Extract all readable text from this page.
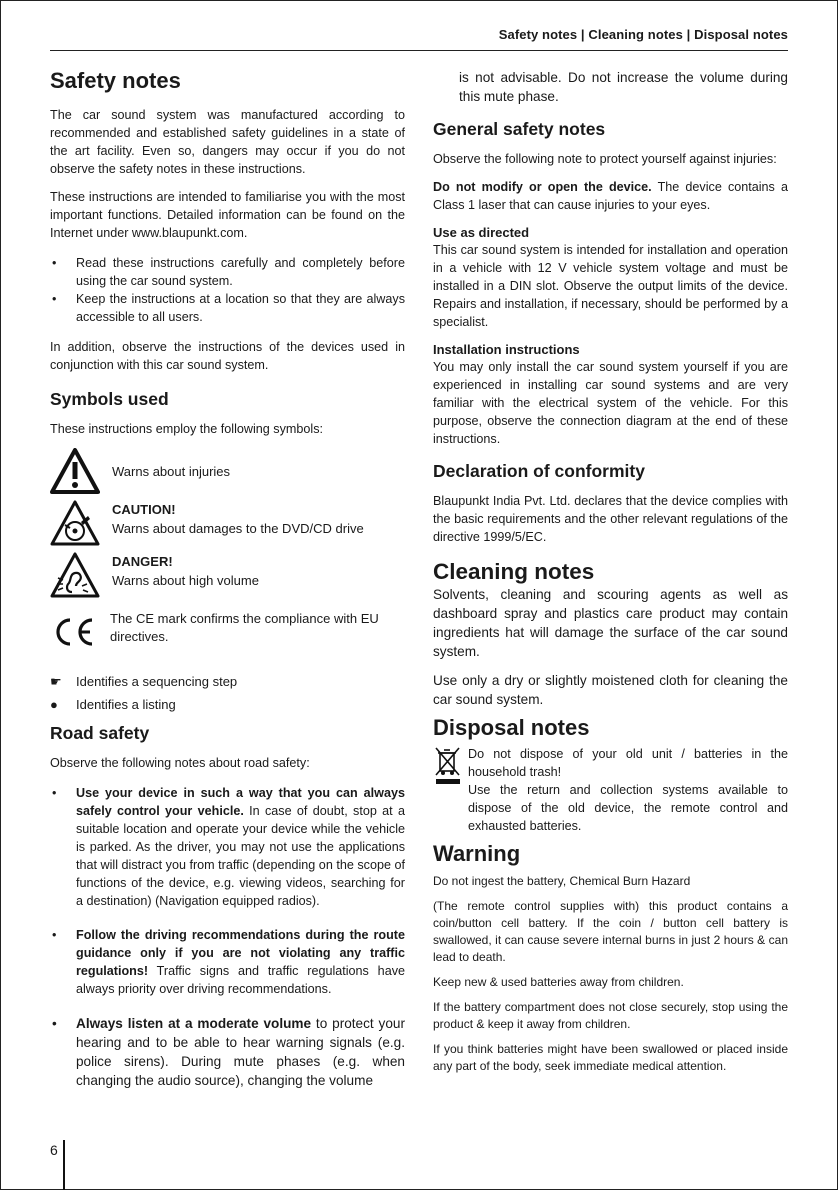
Safety notes | Cleaning notes | Disposal notes
Safety notes

The car sound system was manufactured according to recommended and established safety guidelines in a state of the art facility. Even so, dangers may occur if you do not observe the safety notes in these instructions.

These instructions are intended to familiarise you with the most important functions. Detailed information can be found on the Internet under www.blaupunkt.com.

• Read these instructions carefully and completely before using the car sound system.
• Keep the instructions at a location so that they are always accessible to all users.

In addition, observe the instructions of the devices used in conjunction with this car sound system.

Symbols used

These instructions employ the following symbols:

Warns about injuries
CAUTION!
Warns about damages to the DVD/CD drive
DANGER!
Warns about high volume
The CE mark confirms the compliance with EU directives.
☛	Identifies a sequencing step
●	Identifies a listing
Road safety

Observe the following notes about road safety:

• Use your device in such a way that you can always safely control your vehicle. In case of doubt, stop at a suitable location and operate your device while the vehicle is parked. As the driver, you may not use the applications that will distract you from traffic (depending on the scope of functions of the device, e.g. viewing videos, searching for a destination) (Navigation equipped radios).
• Follow the driving recommendations during the route guidance only if you are not violating any traffic regulations! Traffic signs and traffic regulations have always priority over driving recommendations.
• Always listen at a moderate volume to protect your hearing and to be able to hear warning signals (e.g. police sirens). During mute phases (e.g. when changing the audio source), changing the volume

is not advisable. Do not increase the volume during this mute phase.

General safety notes

Observe the following note to protect yourself against injuries:

Do not modify or open the device. The device contains a Class 1 laser that can cause injuries to your eyes.

Use as directed

This car sound system is intended for installation and operation in a vehicle with 12 V vehicle system voltage and must be installed in a DIN slot. Observe the output limits of the device. Repairs and installation, if necessary, should be performed by a specialist.

Installation instructions

You may only install the car sound system yourself if you are experienced in installing car sound systems and are very familiar with the electrical system of the vehicle. For this purpose, observe the connection diagram at the end of these instructions.

Declaration of conformity

Blaupunkt India Pvt. Ltd. declares that the device complies with the basic requirements and the other relevant regulations of the directive 1999/5/EC.

Cleaning notes

Solvents, cleaning and scouring agents as well as dashboard spray and plastics care product may contain ingredients hat will damage the surface of the car sound system.

Use only a dry or slightly moistened cloth for cleaning the car sound system.

Disposal notes

Do not dispose of your old unit / batteries in the household trash!

Use the return and collection systems available to dispose of the old device, the remote control and exhausted batteries.

Warning

Do not ingest the battery, Chemical Burn Hazard

(The remote control supplies with) this product contains a coin/button cell battery. If the coin / button cell battery is swallowed, it can cause severe internal burns in just 2 hours & can lead to death.

Keep new & used batteries away from children.

If the battery compartment does not close securely, stop using the product & keep it away from children.

If you think batteries might have been swallowed or placed inside any part of the body, seek immediate medical attention.

6
